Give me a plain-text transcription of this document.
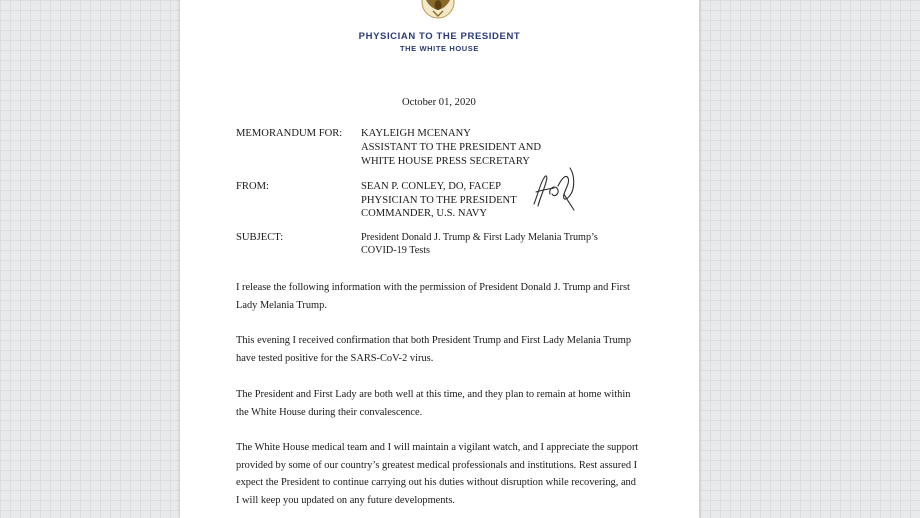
PHYSICIAN TO THE PRESIDENT
THE WHITE HOUSE
October 01, 2020
MEMORANDUM FOR: KAYLEIGH MCENANY
ASSISTANT TO THE PRESIDENT AND
WHITE HOUSE PRESS SECRETARY
FROM:	SEAN P. CONLEY, DO, FACEP
PHYSICIAN TO THE PRESIDENT
COMMANDER, U.S. NAVY
SUBJECT:	President Donald J. Trump & First Lady Melania Trump’s
COVID-19 Tests
I release the following information with the permission of President Donald J. Trump and First
Lady Melania Trump.
This evening I received confirmation that both President Trump and First Lady Melania Trump
have tested positive for the SARS-CoV-2 virus.
The President and First Lady are both well at this time, and they plan to remain at home within
the White House during their convalescence.
The White House medical team and I will maintain a vigilant watch, and I appreciate the support
provided by some of our country’s greatest medical professionals and institutions. Rest assured I
expect the President to continue carrying out his duties without disruption while recovering, and
I will keep you updated on any future developments.
